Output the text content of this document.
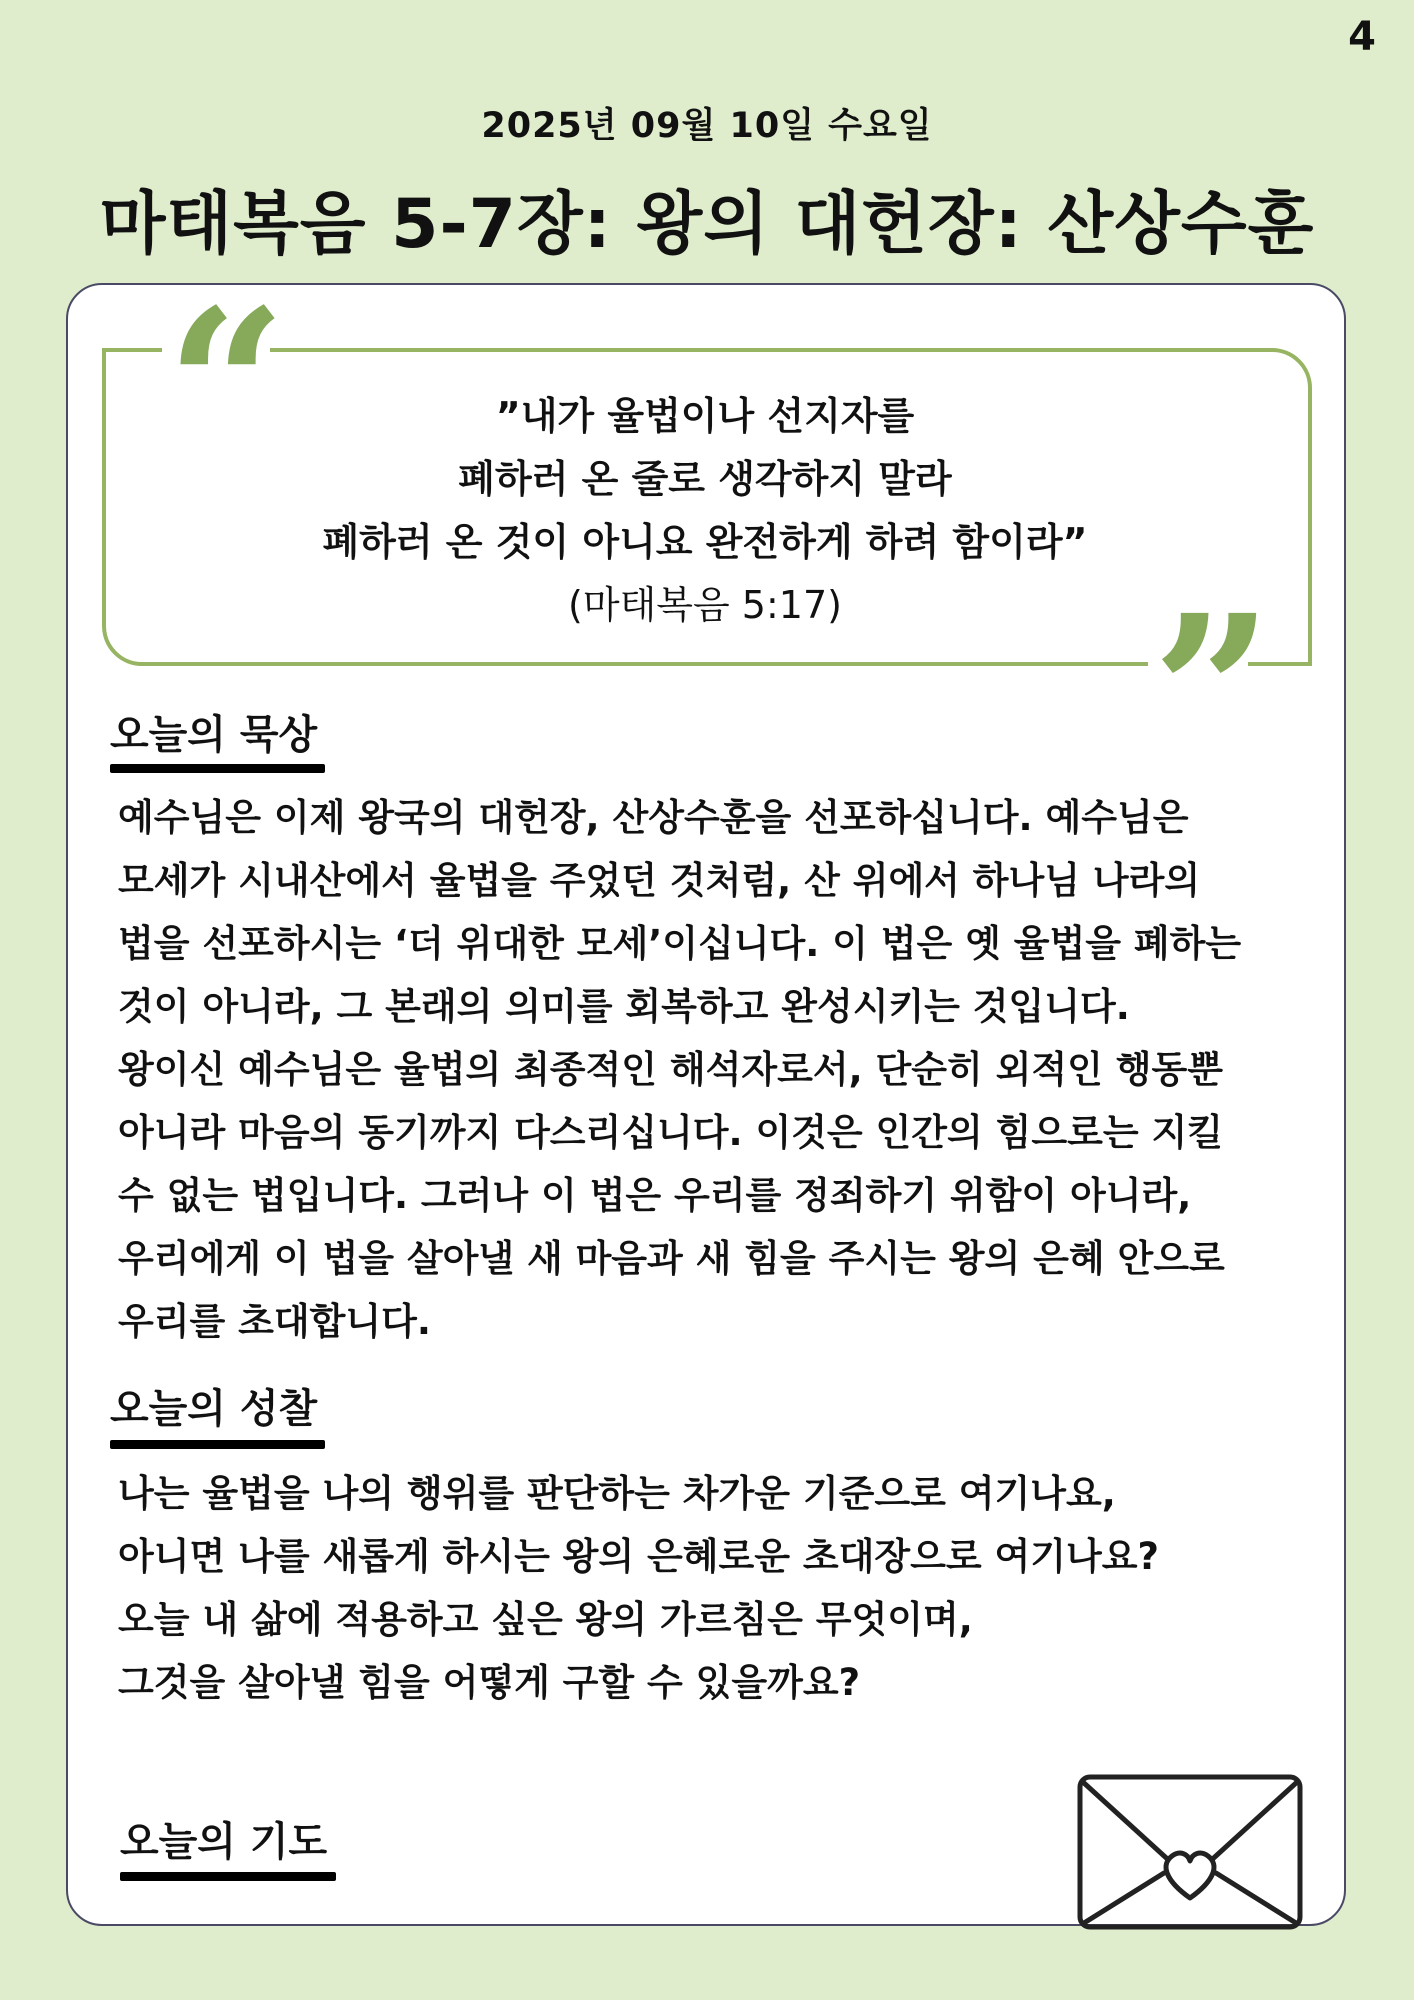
4
2025년 09월 10일 수요일
마태복음 5-7장: 왕의 대헌장: 산상수훈
“
”
”내가 율법이나 선지자를
폐하러 온 줄로 생각하지 말라
폐하러 온 것이 아니요 완전하게 하려 함이라”
(마태복음 5:17)
오늘의 묵상
예수님은 이제 왕국의 대헌장, 산상수훈을 선포하십니다. 예수님은
모세가 시내산에서 율법을 주었던 것처럼, 산 위에서 하나님 나라의
법을 선포하시는 ‘더 위대한 모세’이십니다. 이 법은 옛 율법을 폐하는
것이 아니라, 그 본래의 의미를 회복하고 완성시키는 것입니다.
왕이신 예수님은 율법의 최종적인 해석자로서, 단순히 외적인 행동뿐
아니라 마음의 동기까지 다스리십니다. 이것은 인간의 힘으로는 지킬
수 없는 법입니다. 그러나 이 법은 우리를 정죄하기 위함이 아니라,
우리에게 이 법을 살아낼 새 마음과 새 힘을 주시는 왕의 은혜 안으로
우리를 초대합니다.
오늘의 성찰
나는 율법을 나의 행위를 판단하는 차가운 기준으로 여기나요,
아니면 나를 새롭게 하시는 왕의 은혜로운 초대장으로 여기나요?
오늘 내 삶에 적용하고 싶은 왕의 가르침은 무엇이며,
그것을 살아낼 힘을 어떻게 구할 수 있을까요?
오늘의 기도
